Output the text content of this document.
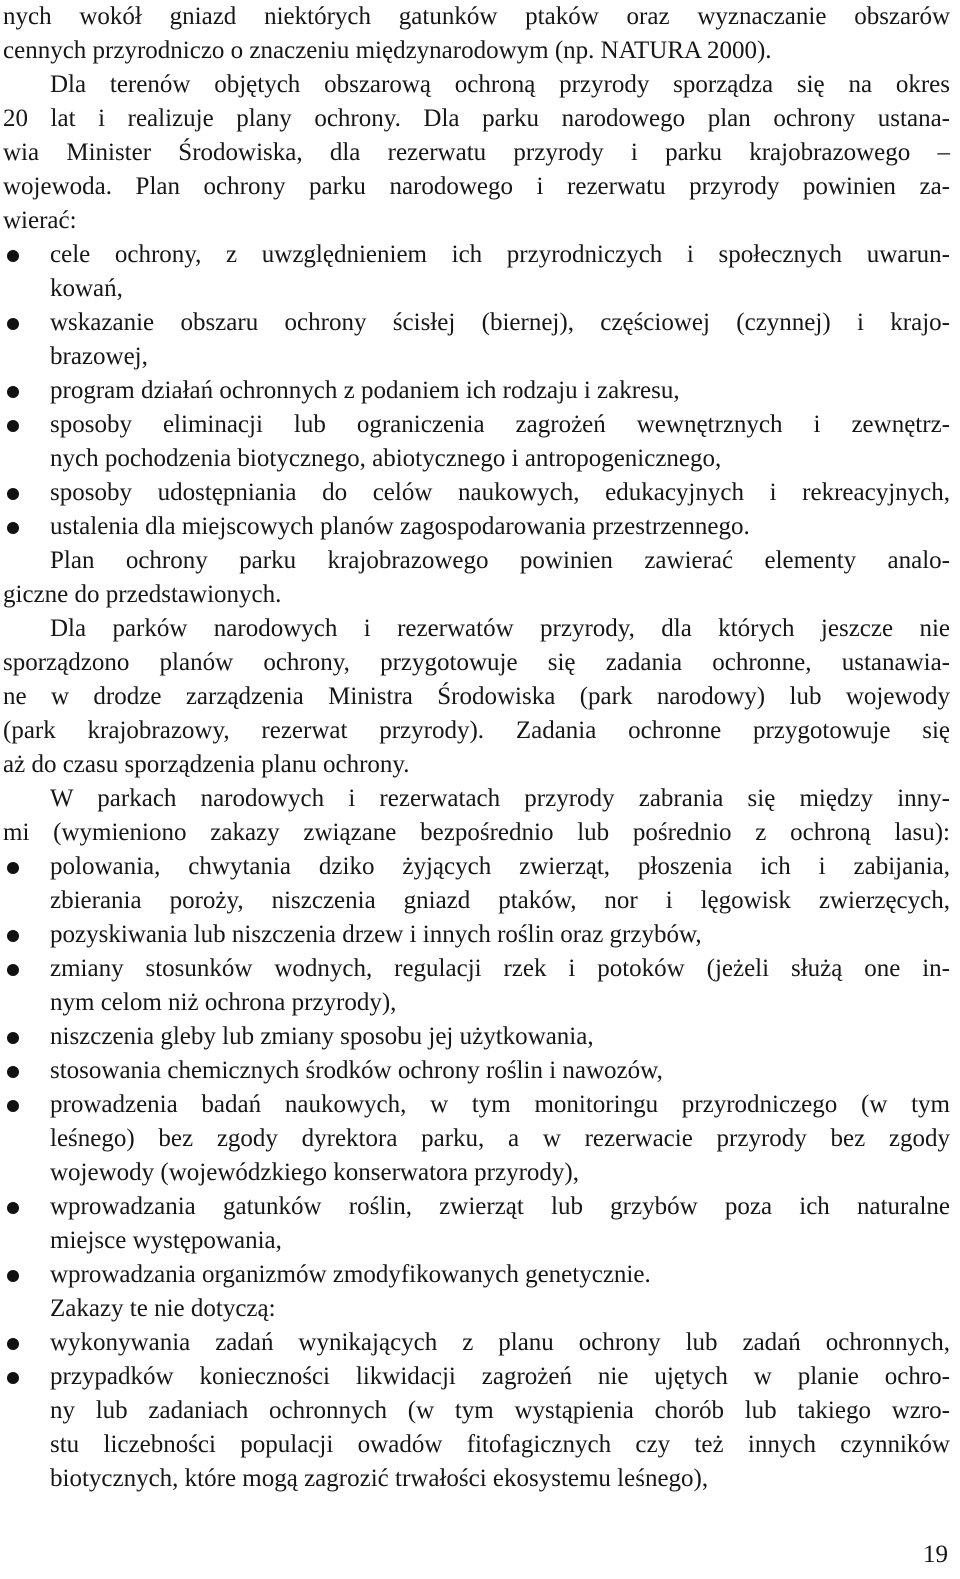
nych wokół gniazd niektórych gatunków ptaków oraz wyznaczanie obszarów
cennych przyrodniczo o znaczeniu międzynarodowym (np. NATURA 2000).
Dla terenów objętych obszarową ochroną przyrody sporządza się na okres
20 lat i realizuje plany ochrony. Dla parku narodowego plan ochrony ustana-
wia Minister Środowiska, dla rezerwatu przyrody i parku krajobrazowego –
wojewoda. Plan ochrony parku narodowego i rezerwatu przyrody powinien za-
wierać:
cele ochrony, z uwzględnieniem ich przyrodniczych i społecznych uwarun-
kowań,
wskazanie obszaru ochrony ścisłej (biernej), częściowej (czynnej) i krajo-
brazowej,
program działań ochronnych z podaniem ich rodzaju i zakresu,
sposoby eliminacji lub ograniczenia zagrożeń wewnętrznych i zewnętrz-
nych pochodzenia biotycznego, abiotycznego i antropogenicznego,
sposoby udostępniania do celów naukowych, edukacyjnych i rekreacyjnych,
ustalenia dla miejscowych planów zagospodarowania przestrzennego.
Plan ochrony parku krajobrazowego powinien zawierać elementy analo-
giczne do przedstawionych.
Dla parków narodowych i rezerwatów przyrody, dla których jeszcze nie
sporządzono planów ochrony, przygotowuje się zadania ochronne, ustanawia-
ne w drodze zarządzenia Ministra Środowiska (park narodowy) lub wojewody
(park krajobrazowy, rezerwat przyrody). Zadania ochronne przygotowuje się
aż do czasu sporządzenia planu ochrony.
W parkach narodowych i rezerwatach przyrody zabrania się między inny-
mi (wymieniono zakazy związane bezpośrednio lub pośrednio z ochroną lasu):
polowania, chwytania dziko żyjących zwierząt, płoszenia ich i zabijania,
zbierania poroży, niszczenia gniazd ptaków, nor i lęgowisk zwierzęcych,
pozyskiwania lub niszczenia drzew i innych roślin oraz grzybów,
zmiany stosunków wodnych, regulacji rzek i potoków (jeżeli służą one in-
nym celom niż ochrona przyrody),
niszczenia gleby lub zmiany sposobu jej użytkowania,
stosowania chemicznych środków ochrony roślin i nawozów,
prowadzenia badań naukowych, w tym monitoringu przyrodniczego (w tym
leśnego) bez zgody dyrektora parku, a w rezerwacie przyrody bez zgody
wojewody (wojewódzkiego konserwatora przyrody),
wprowadzania gatunków roślin, zwierząt lub grzybów poza ich naturalne
miejsce występowania,
wprowadzania organizmów zmodyfikowanych genetycznie.
Zakazy te nie dotyczą:
wykonywania zadań wynikających z planu ochrony lub zadań ochronnych,
przypadków konieczności likwidacji zagrożeń nie ujętych w planie ochro-
ny lub zadaniach ochronnych (w tym wystąpienia chorób lub takiego wzro-
stu liczebności populacji owadów fitofagicznych czy też innych czynników
biotycznych, które mogą zagrozić trwałości ekosystemu leśnego),
19
